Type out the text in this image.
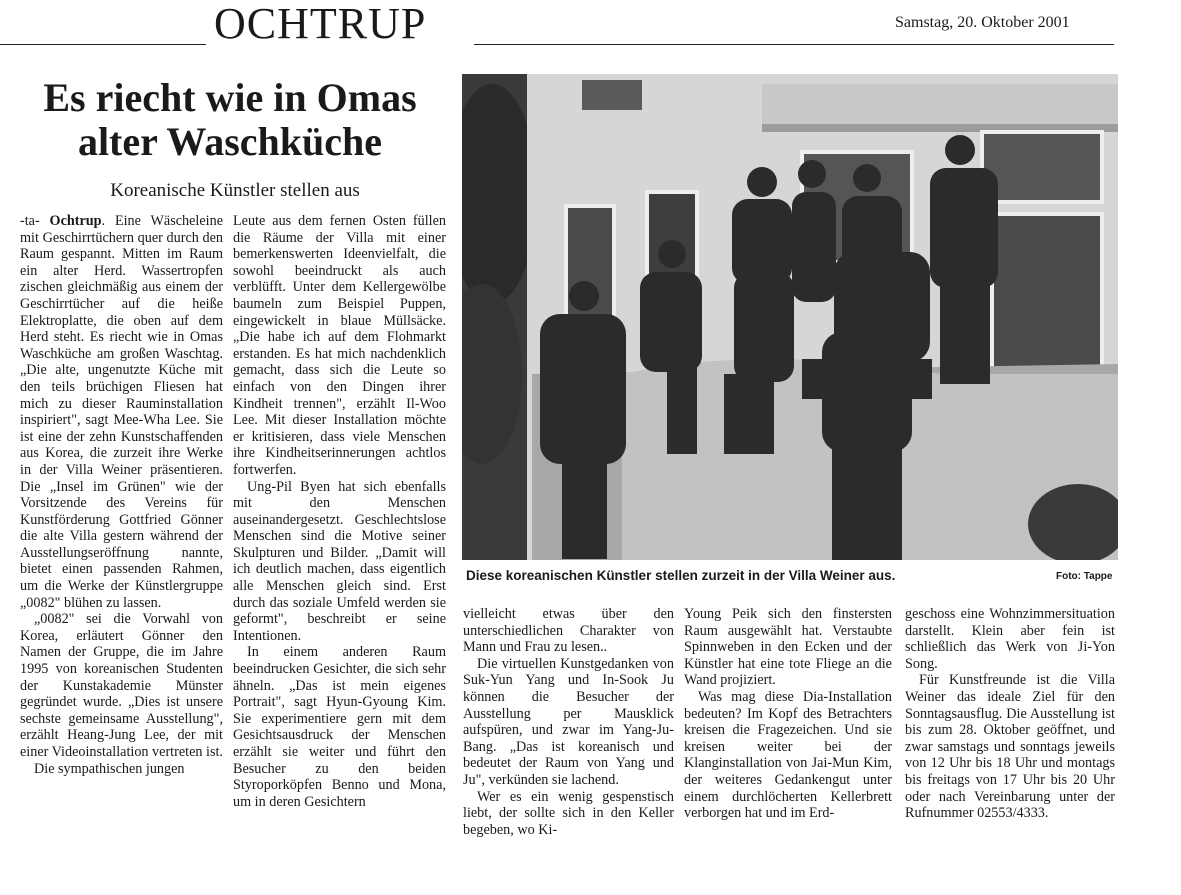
OCHTRUP	Samstag, 20. Oktober 2001
Es riecht wie in Omas
alter Waschküche
Koreanische Künstler stellen aus

-ta- Ochtrup. Eine Wäscheleine mit Geschirrtüchern quer durch den Raum gespannt. Mitten im Raum ein alter Herd. Wassertropfen zischen gleichmäßig aus einem der Geschirrtücher auf die heiße Elektroplatte, die oben auf dem Herd steht. Es riecht wie in Omas Waschküche am großen Waschtag. „Die alte, ungenutzte Küche mit den teils brüchigen Fliesen hat mich zu dieser Rauminstallation inspiriert", sagt Mee-Wha Lee. Sie ist eine der zehn Kunstschaffenden aus Korea, die zurzeit ihre Werke in der Villa Weiner präsentieren. Die „Insel im Grünen" wie der Vorsitzende des Vereins für Kunstförderung Gottfried Gönner die alte Villa gestern während der Ausstellungseröffnung nannte, bietet einen passenden Rahmen, um die Werke der Künstlergruppe „0082" blühen zu lassen.

„0082" sei die Vorwahl von Korea, erläutert Gönner den Namen der Gruppe, die im Jahre 1995 von koreanischen Studenten der Kunstakademie Münster gegründet wurde. „Dies ist unsere sechste gemeinsame Ausstellung", erzählt Heang-Jung Lee, der mit einer Videoinstallation vertreten ist.

Die sympathischen jungen

Leute aus dem fernen Osten füllen die Räume der Villa mit einer bemerkenswerten Ideenvielfalt, die sowohl beeindruckt als auch verblüfft. Unter dem Kellergewölbe baumeln zum Beispiel Puppen, eingewickelt in blaue Müllsäcke. „Die habe ich auf dem Flohmarkt erstanden. Es hat mich nachdenklich gemacht, dass sich die Leute so einfach von den Dingen ihrer Kindheit trennen", erzählt Il-Woo Lee. Mit dieser Installation möchte er kritisieren, dass viele Menschen ihre Kindheitserinnerungen achtlos fortwerfen.

Ung-Pil Byen hat sich ebenfalls mit den Menschen auseinandergesetzt. Geschlechtslose Menschen sind die Motive seiner Skulpturen und Bilder. „Damit will ich deutlich machen, dass eigentlich alle Menschen gleich sind. Erst durch das soziale Umfeld werden sie geformt", beschreibt er seine Intentionen.

In einem anderen Raum beeindrucken Gesichter, die sich sehr ähneln. „Das ist mein eigenes Portrait", sagt Hyun-Gyoung Kim. Sie experimentiere gern mit dem Gesichtsausdruck der Menschen erzählt sie weiter und führt den Besucher zu den beiden Styroporköpfen Benno und Mona, um in deren Gesichtern

Diese koreanischen Künstler stellen zurzeit in der Villa Weiner aus.	Foto: Tappe

vielleicht etwas über den unterschiedlichen Charakter von Mann und Frau zu lesen..

Die virtuellen Kunstgedanken von Suk-Yun Yang und In-Sook Ju können die Besucher der Ausstellung per Mausklick aufspüren, und zwar im Yang-Ju-Bang. „Das ist koreanisch und bedeutet der Raum von Yang und Ju", verkünden sie lachend.

Wer es ein wenig gespenstisch liebt, der sollte sich in den Keller begeben, wo Ki-

Young Peik sich den finstersten Raum ausgewählt hat. Verstaubte Spinnweben in den Ecken und der Künstler hat eine tote Fliege an die Wand projiziert.

Was mag diese Dia-Installation bedeuten? Im Kopf des Betrachters kreisen die Fragezeichen. Und sie kreisen weiter bei der Klanginstallation von Jai-Mun Kim, der weiteres Gedankengut unter einem durchlöcherten Kellerbrett verborgen hat und im Erd-

geschoss eine Wohnzimmersituation darstellt. Klein aber fein ist schließlich das Werk von Ji-Yon Song.

Für Kunstfreunde ist die Villa Weiner das ideale Ziel für den Sonntagsausflug. Die Ausstellung ist bis zum 28. Oktober geöffnet, und zwar samstags und sonntags jeweils von 12 Uhr bis 18 Uhr und montags bis freitags von 17 Uhr bis 20 Uhr oder nach Vereinbarung unter der Rufnummer 02553/4333.
